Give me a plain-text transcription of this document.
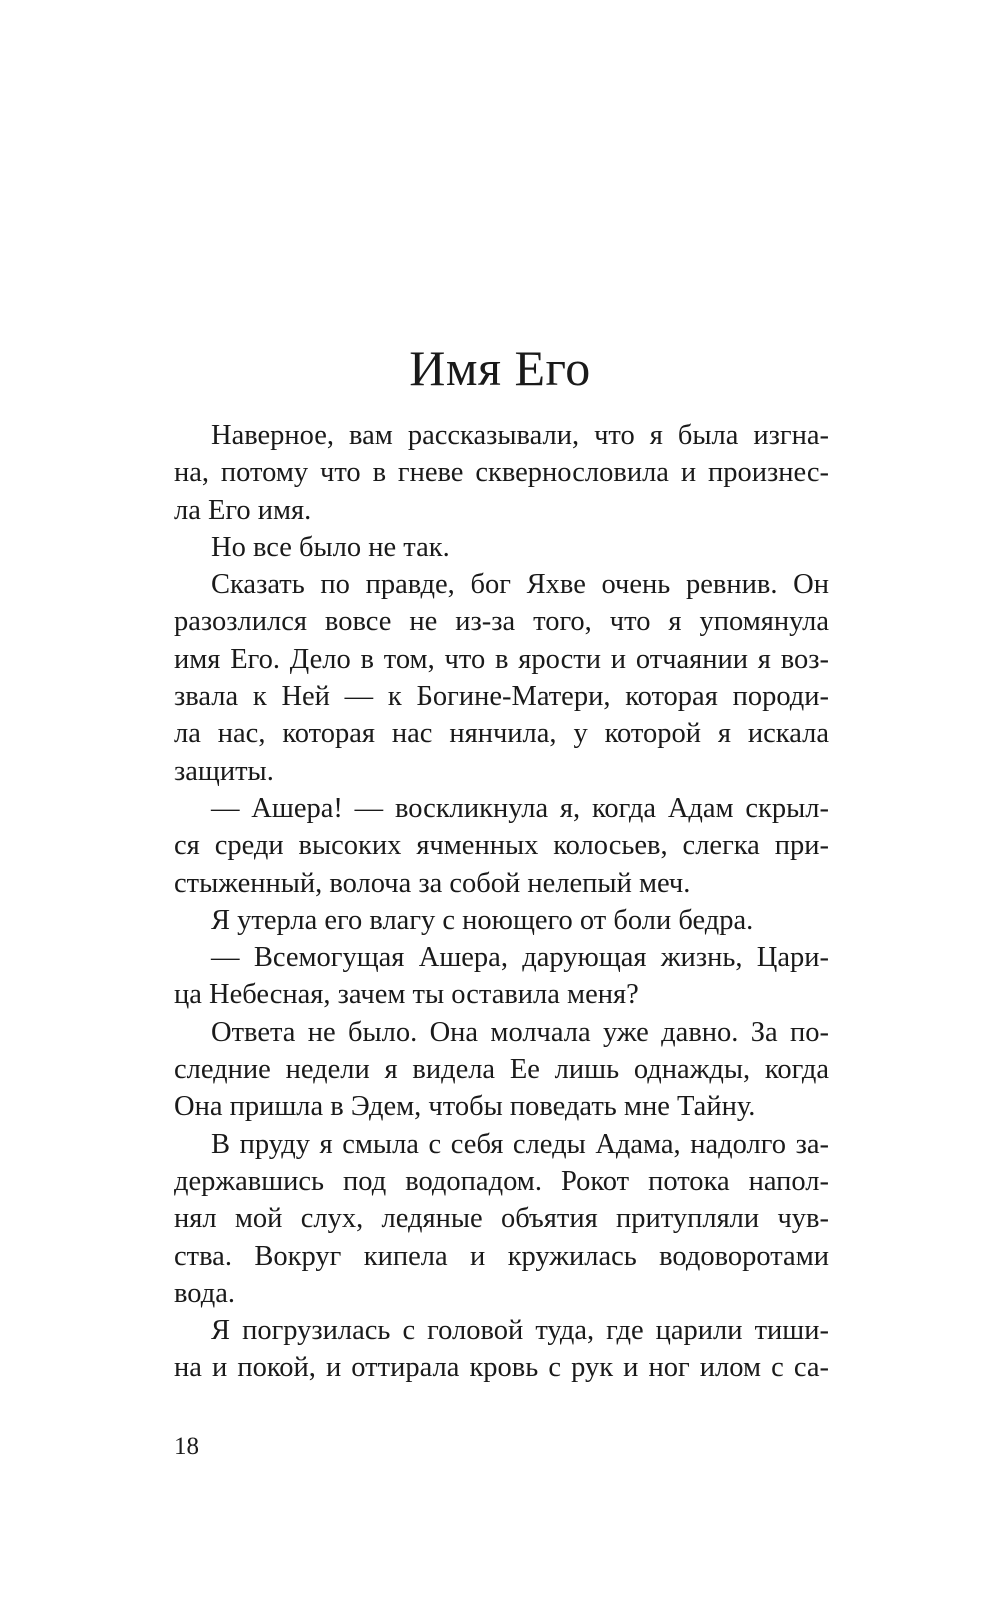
Имя Его
Наверное, вам рассказывали, что я была изгна-
на, потому что в гневе сквернословила и произнес-
ла Его имя.
Но все было не так.
Сказать по правде, бог Яхве очень ревнив. Он
разозлился вовсе не из-за того, что я упомянула
имя Его. Дело в том, что в ярости и отчаянии я воз-
звала к Ней — к Богине-Матери, которая породи-
ла нас, которая нас нянчила, у которой я искала
защиты.
— Ашера! — воскликнула я, когда Адам скрыл-
ся среди высоких ячменных колосьев, слегка при-
стыженный, волоча за собой нелепый меч.
Я утерла его влагу с ноющего от боли бедра.
— Всемогущая Ашера, дарующая жизнь, Цари-
ца Небесная, зачем ты оставила меня?
Ответа не было. Она молчала уже давно. За по-
следние недели я видела Ее лишь однажды, когда
Она пришла в Эдем, чтобы поведать мне Тайну.
В пруду я смыла с себя следы Адама, надолго за-
державшись под водопадом. Рокот потока напол-
нял мой слух, ледяные объятия притупляли чув-
ства. Вокруг кипела и кружилась водоворотами
вода.
Я погрузилась с головой туда, где царили тиши-
на и покой, и оттирала кровь с рук и ног илом с са-
18
